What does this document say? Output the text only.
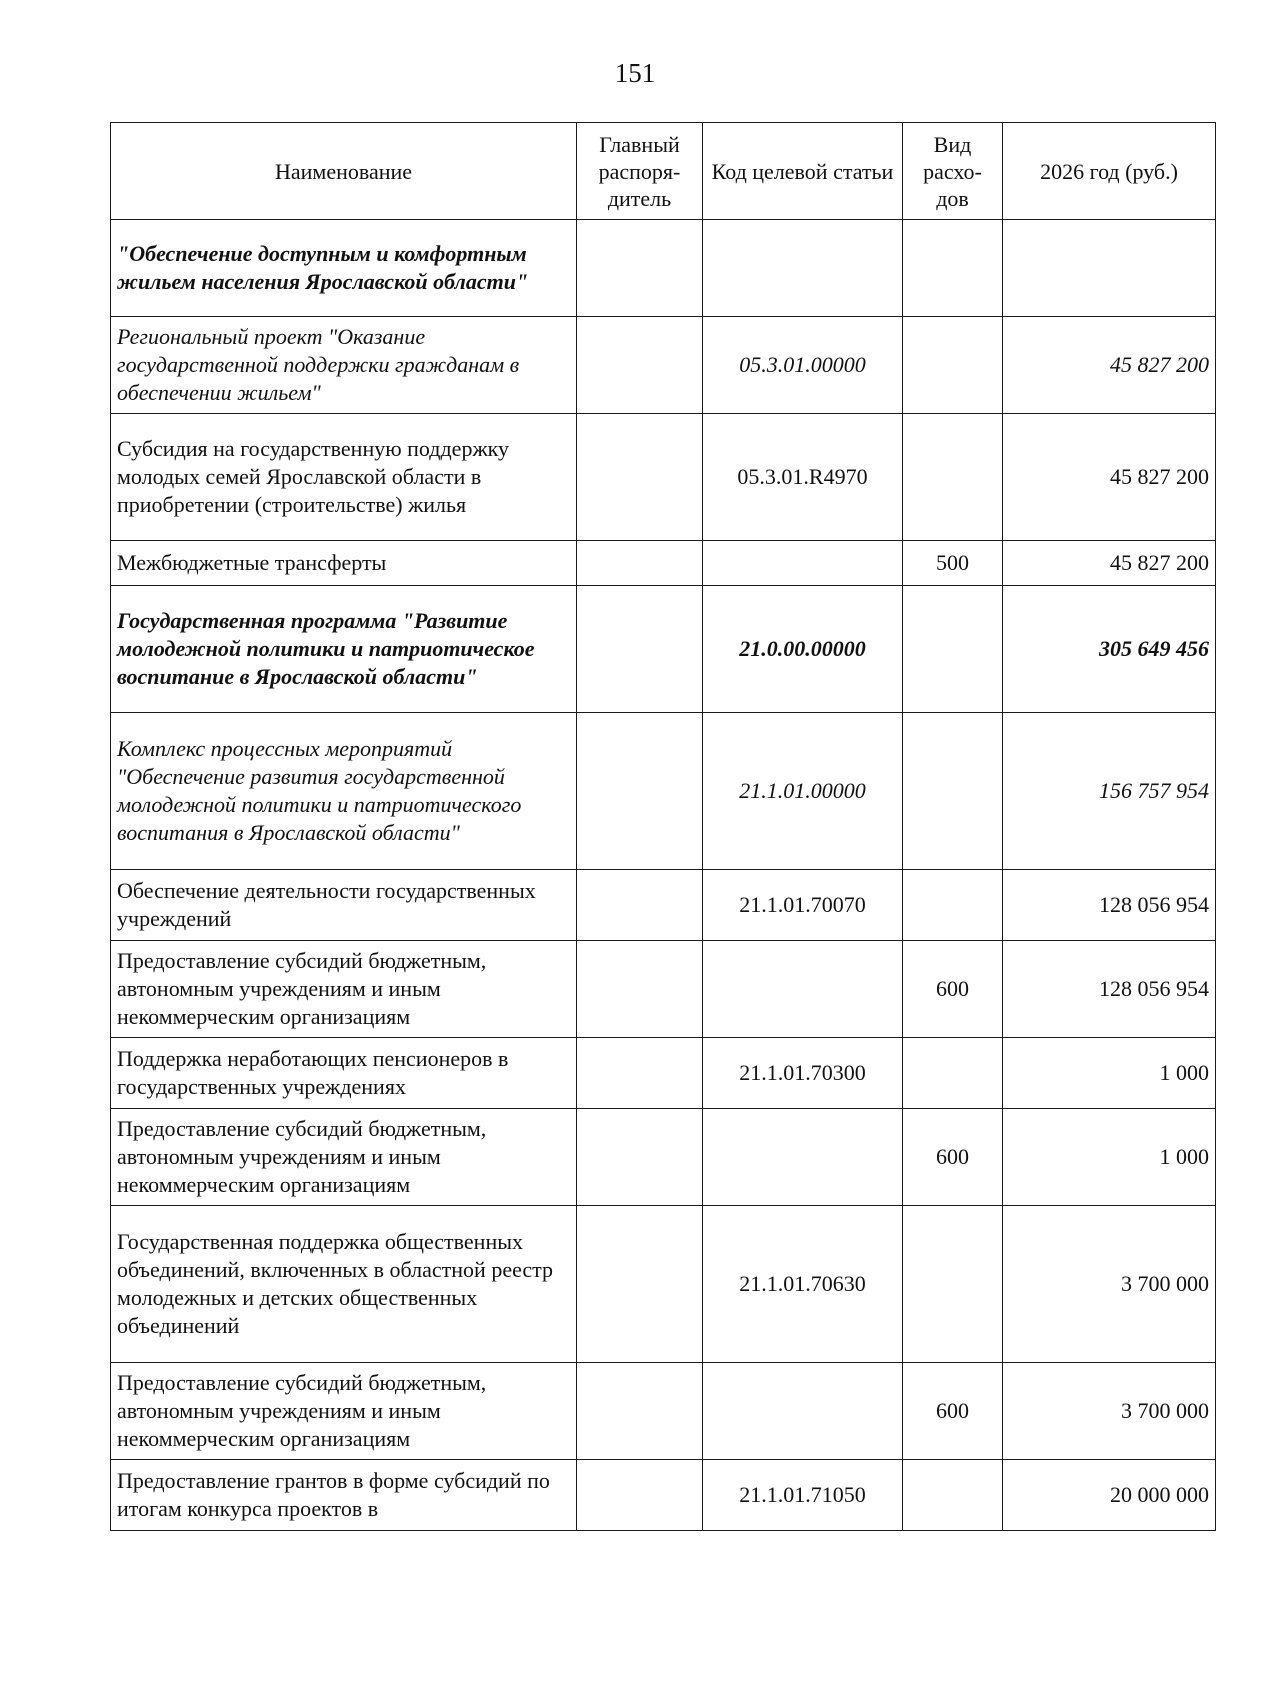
151
Наименование	Главный распоря-дитель	Код целевой статьи	Вид расхо-дов	2026 год (руб.)
"Обеспечение доступным и комфортным жильем населения Ярославской области"				
Региональный проект "Оказание государственной поддержки гражданам в обеспечении жильем"		05.3.01.00000		45 827 200
Субсидия на государственную поддержку молодых семей Ярославской области в приобретении (строительстве) жилья		05.3.01.R4970		45 827 200
Межбюджетные трансферты			500	45 827 200
Государственная программа "Развитие молодежной политики и патриотическое воспитание в Ярославской области"		21.0.00.00000		305 649 456
Комплекс процессных мероприятий "Обеспечение развития государственной молодежной политики и патриотического воспитания в Ярославской области"		21.1.01.00000		156 757 954
Обеспечение деятельности государственных учреждений		21.1.01.70070		128 056 954
Предоставление субсидий бюджетным, автономным учреждениям и иным некоммерческим организациям			600	128 056 954
Поддержка неработающих пенсионеров в государственных учреждениях		21.1.01.70300		1 000
Предоставление субсидий бюджетным, автономным учреждениям и иным некоммерческим организациям			600	1 000
Государственная поддержка общественных объединений, включенных в областной реестр молодежных и детских общественных объединений		21.1.01.70630		3 700 000
Предоставление субсидий бюджетным, автономным учреждениям и иным некоммерческим организациям			600	3 700 000
Предоставление грантов в форме субсидий по итогам конкурса проектов в		21.1.01.71050		20 000 000
